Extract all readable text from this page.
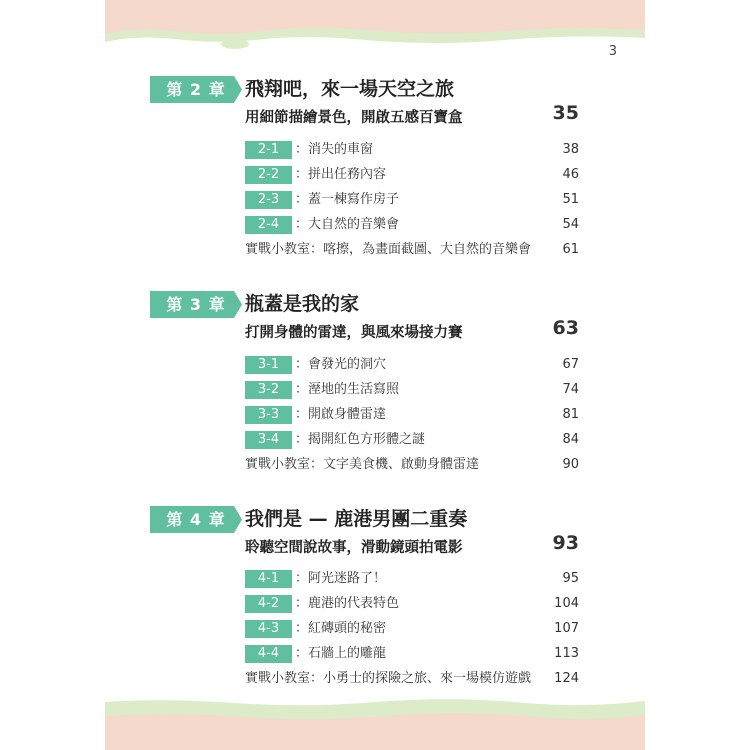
3
第 2 章	飛翔吧，來一場天空之旅
用細節描繪景色，開啟五感百寶盒	35
2-1	：消失的車窗	38
2-2	：拼出任務內容	46
2-3	：蓋一棟寫作房子	51
2-4	：大自然的音樂會	54
實戰小教室：喀擦，為畫面截圖、大自然的音樂會 61
第 3 章	瓶蓋是我的家
打開身體的雷達，與風來場接力賽	63
3-1	：會發光的洞穴	67
3-2	：溼地的生活寫照	74
3-3	：開啟身體雷達	81
3-4	：揭開紅色方形體之謎	84
實戰小教室：文字美食機、啟動身體雷達	90
第 4 章	我們是 — 鹿港男團二重奏
聆聽空間說故事，滑動鏡頭拍電影	93
4-1	：阿光迷路了！	95
4-2	：鹿港的代表特色	104
4-3	：紅磚頭的秘密	107
4-4	：石牆上的雕龍	113
實戰小教室：小勇士的探險之旅、來一場模仿遊戲 124
